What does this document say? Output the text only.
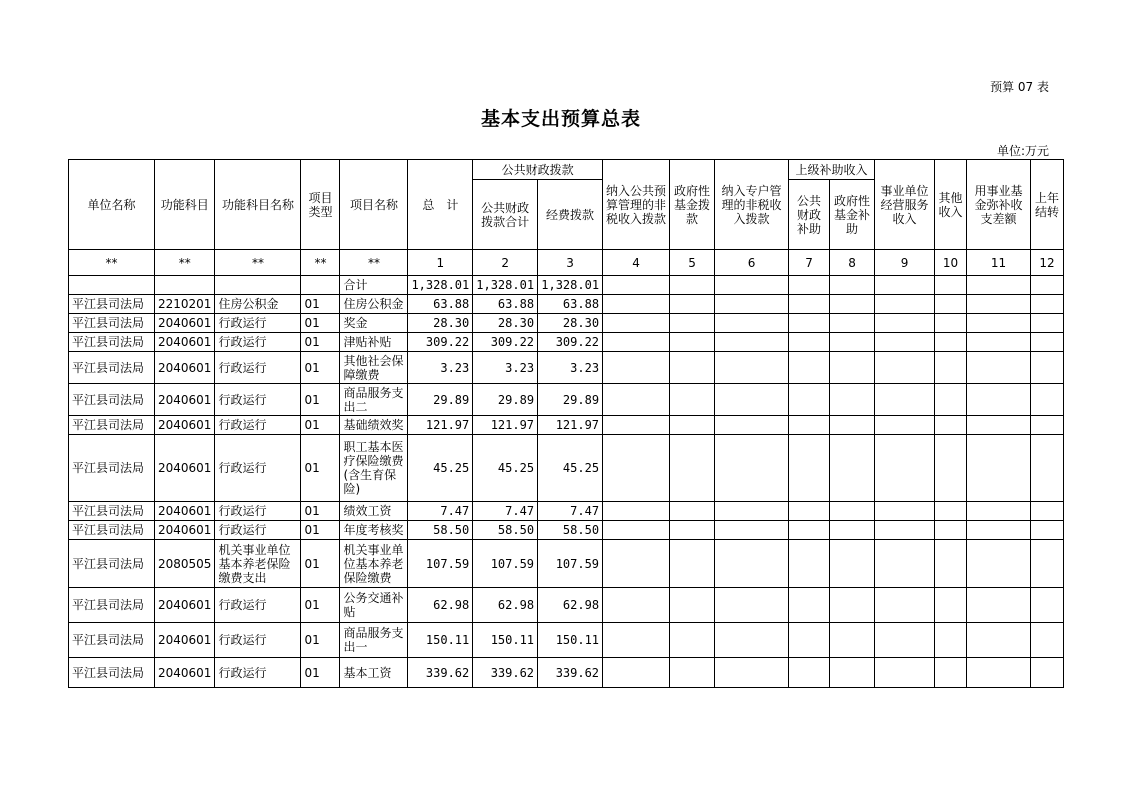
预算 07 表
基本支出预算总表
单位:万元
单位名称	功能科目	功能科目名称	项目类型	项目名称	总　计	公共财政拨款		纳入公共预算管理的非税收入拨款	政府性基金拨款	纳入专户管理的非税收入拨款	上级补助收入		事业单位经营服务收入	其他收入	用事业基金弥补收支差额	上年结转
						公共财政拨款合计	经费拨款				公共财政补助	政府性基金补助				
**	**	**	**	**	1	2	3	4	5	6	7	8	9	10	11	12
				合计	1,328.01	1,328.01	1,328.01									
平江县司法局	2210201	住房公积金	01	住房公积金	63.88	63.88	63.88									
平江县司法局	2040601	行政运行	01	奖金	28.30	28.30	28.30									
平江县司法局	2040601	行政运行	01	津贴补贴	309.22	309.22	309.22									
平江县司法局	2040601	行政运行	01	其他社会保障缴费	3.23	3.23	3.23									
平江县司法局	2040601	行政运行	01	商品服务支出二	29.89	29.89	29.89									
平江县司法局	2040601	行政运行	01	基础绩效奖	121.97	121.97	121.97									
平江县司法局	2040601	行政运行	01	职工基本医疗保险缴费(含生育保险)	45.25	45.25	45.25									
平江县司法局	2040601	行政运行	01	绩效工资	7.47	7.47	7.47									
平江县司法局	2040601	行政运行	01	年度考核奖	58.50	58.50	58.50									
平江县司法局	2080505	机关事业单位基本养老保险缴费支出	01	机关事业单位基本养老保险缴费	107.59	107.59	107.59									
平江县司法局	2040601	行政运行	01	公务交通补贴	62.98	62.98	62.98									
平江县司法局	2040601	行政运行	01	商品服务支出一	150.11	150.11	150.11									
平江县司法局	2040601	行政运行	01	基本工资	339.62	339.62	339.62									
